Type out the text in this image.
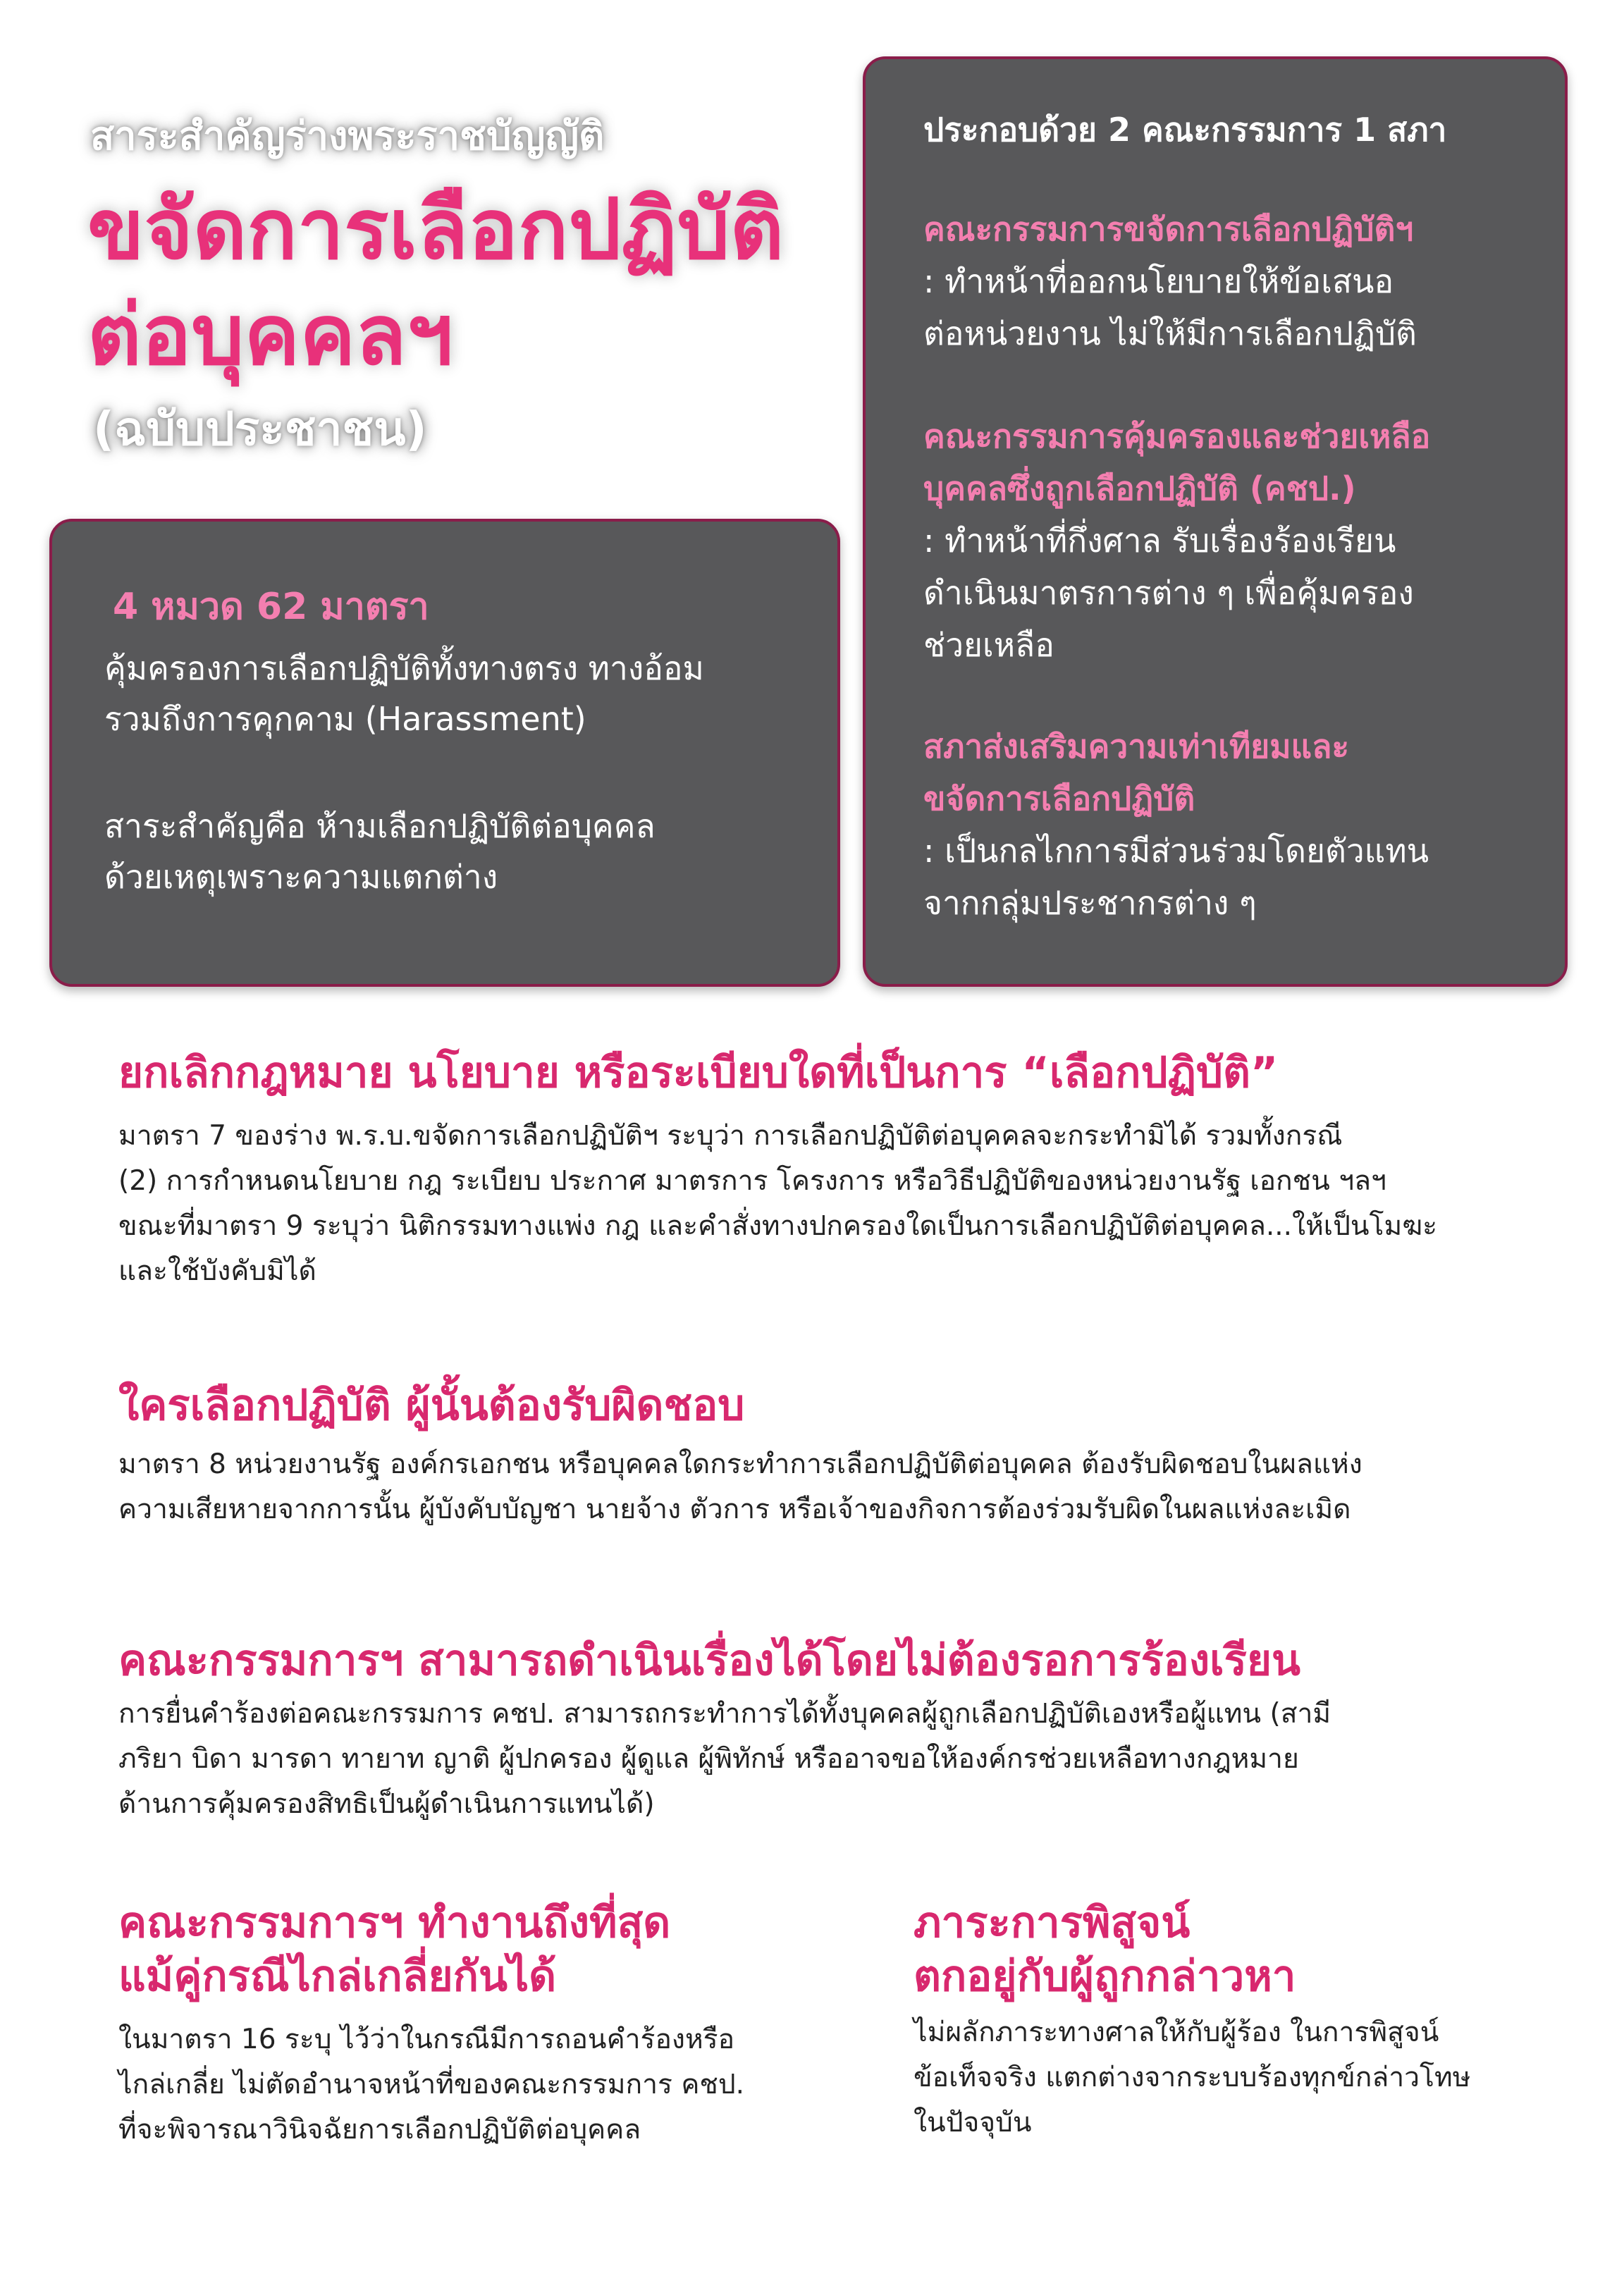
สาระสำคัญร่างพระราชบัญญัติ
ขจัดการเลือกปฏิบัติ
ต่อบุคคลฯ
(ฉบับประชาชน)
4 หมวด 62 มาตรา
คุ้มครองการเลือกปฏิบัติทั้งทางตรง ทางอ้อม
รวมถึงการคุกคาม (Harassment)
สาระสำคัญคือ ห้ามเลือกปฏิบัติต่อบุคคล
ด้วยเหตุเพราะความแตกต่าง
ประกอบด้วย 2 คณะกรรมการ 1 สภา
คณะกรรมการขจัดการเลือกปฏิบัติฯ
: ทำหน้าที่ออกนโยบายให้ข้อเสนอ
ต่อหน่วยงาน ไม่ให้มีการเลือกปฏิบัติ
คณะกรรมการคุ้มครองและช่วยเหลือ
บุคคลซึ่งถูกเลือกปฏิบัติ (คชป.)
: ทำหน้าที่กึ่งศาล รับเรื่องร้องเรียน
ดำเนินมาตรการต่าง ๆ เพื่อคุ้มครอง
ช่วยเหลือ
สภาส่งเสริมความเท่าเทียมและ
ขจัดการเลือกปฏิบัติ
: เป็นกลไกการมีส่วนร่วมโดยตัวแทน
จากกลุ่มประชากรต่าง ๆ
ยกเลิกกฎหมาย นโยบาย หรือระเบียบใดที่เป็นการ “เลือกปฏิบัติ”
มาตรา 7 ของร่าง พ.ร.บ.ขจัดการเลือกปฏิบัติฯ ระบุว่า การเลือกปฏิบัติต่อบุคคลจะกระทำมิได้ รวมทั้งกรณี
(2) การกำหนดนโยบาย กฎ ระเบียบ ประกาศ มาตรการ โครงการ หรือวิธีปฏิบัติของหน่วยงานรัฐ เอกชน ฯลฯ
ขณะที่มาตรา 9 ระบุว่า นิติกรรมทางแพ่ง กฎ และคำสั่งทางปกครองใดเป็นการเลือกปฏิบัติต่อบุคคล...ให้เป็นโมฆะ
และใช้บังคับมิได้
ใครเลือกปฏิบัติ ผู้นั้นต้องรับผิดชอบ
มาตรา 8 หน่วยงานรัฐ องค์กรเอกชน หรือบุคคลใดกระทำการเลือกปฏิบัติต่อบุคคล ต้องรับผิดชอบในผลแห่ง
ความเสียหายจากการนั้น ผู้บังคับบัญชา นายจ้าง ตัวการ หรือเจ้าของกิจการต้องร่วมรับผิดในผลแห่งละเมิด
คณะกรรมการฯ สามารถดำเนินเรื่องได้โดยไม่ต้องรอการร้องเรียน
การยื่นคำร้องต่อคณะกรรมการ คชป. สามารถกระทำการได้ทั้งบุคคลผู้ถูกเลือกปฏิบัติเองหรือผู้แทน (สามี
ภริยา บิดา มารดา ทายาท ญาติ ผู้ปกครอง ผู้ดูแล ผู้พิทักษ์ หรืออาจขอให้องค์กรช่วยเหลือทางกฎหมาย
ด้านการคุ้มครองสิทธิเป็นผู้ดำเนินการแทนได้)
คณะกรรมการฯ ทำงานถึงที่สุด
แม้คู่กรณีไกล่เกลี่ยกันได้
ในมาตรา 16 ระบุ ไว้ว่าในกรณีมีการถอนคำร้องหรือ
ไกล่เกลี่ย ไม่ตัดอำนาจหน้าที่ของคณะกรรมการ คชป.
ที่จะพิจารณาวินิจฉัยการเลือกปฏิบัติต่อบุคคล
ภาระการพิสูจน์
ตกอยู่กับผู้ถูกกล่าวหา
ไม่ผลักภาระทางศาลให้กับผู้ร้อง ในการพิสูจน์
ข้อเท็จจริง แตกต่างจากระบบร้องทุกข์กล่าวโทษ
ในปัจจุบัน
